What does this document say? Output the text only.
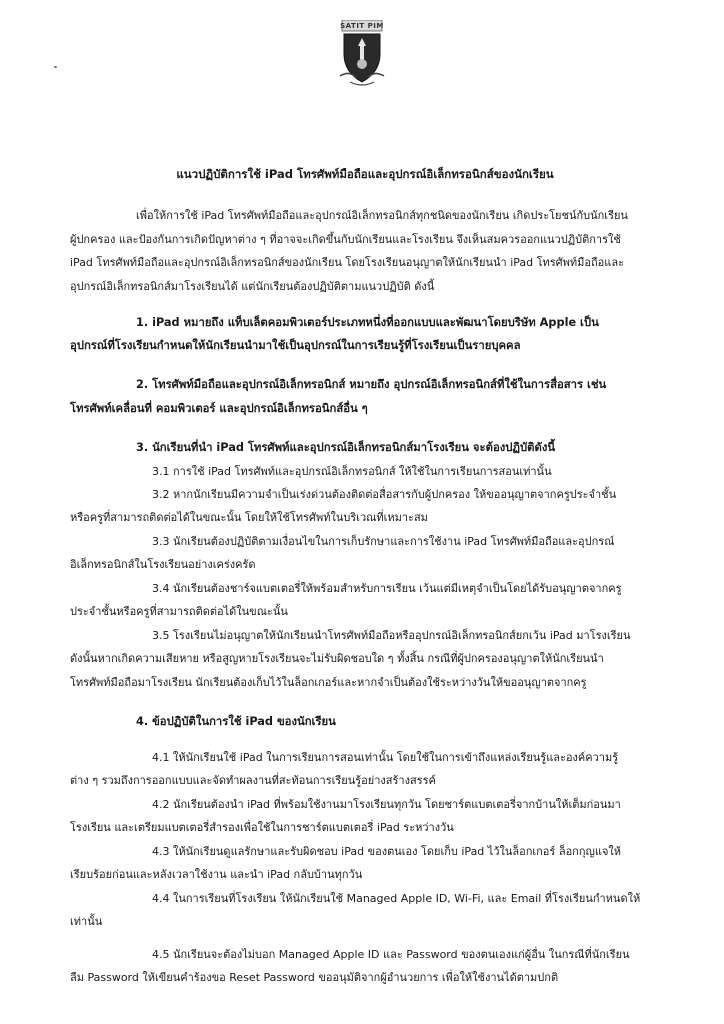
SATIT PIM
แนวปฏิบัติการใช้ iPad โทรศัพท์มือถือและอุปกรณ์อิเล็กทรอนิกส์ของนักเรียน
เพื่อให้การใช้ iPad โทรศัพท์มือถือและอุปกรณ์อิเล็กทรอนิกส์ทุกชนิดของนักเรียน เกิดประโยชน์กับนักเรียน
ผู้ปกครอง และป้องกันการเกิดปัญหาต่าง ๆ ที่อาจจะเกิดขึ้นกับนักเรียนและโรงเรียน จึงเห็นสมควรออกแนวปฏิบัติการใช้
iPad โทรศัพท์มือถือและอุปกรณ์อิเล็กทรอนิกส์ของนักเรียน โดยโรงเรียนอนุญาตให้นักเรียนนำ iPad โทรศัพท์มือถือและ
อุปกรณ์อิเล็กทรอนิกส์มาโรงเรียนได้ แต่นักเรียนต้องปฏิบัติตามแนวปฏิบัติ ดังนี้
1. iPad หมายถึง แท็บเล็ตคอมพิวเตอร์ประเภทหนึ่งที่ออกแบบและพัฒนาโดยบริษัท Apple เป็น
อุปกรณ์ที่โรงเรียนกำหนดให้นักเรียนนำมาใช้เป็นอุปกรณ์ในการเรียนรู้ที่โรงเรียนเป็นรายบุคคล
2. โทรศัพท์มือถือและอุปกรณ์อิเล็กทรอนิกส์ หมายถึง อุปกรณ์อิเล็กทรอนิกส์ที่ใช้ในการสื่อสาร เช่น
โทรศัพท์เคลื่อนที่ คอมพิวเตอร์ และอุปกรณ์อิเล็กทรอนิกส์อื่น ๆ
3. นักเรียนที่นำ iPad โทรศัพท์และอุปกรณ์อิเล็กทรอนิกส์มาโรงเรียน จะต้องปฏิบัติดังนี้
3.1 การใช้ iPad โทรศัพท์และอุปกรณ์อิเล็กทรอนิกส์ ให้ใช้ในการเรียนการสอนเท่านั้น
3.2 หากนักเรียนมีความจำเป็นเร่งด่วนต้องติดต่อสื่อสารกับผู้ปกครอง ให้ขออนุญาตจากครูประจำชั้น
หรือครูที่สามารถติดต่อได้ในขณะนั้น โดยให้ใช้โทรศัพท์ในบริเวณที่เหมาะสม
3.3 นักเรียนต้องปฏิบัติตามเงื่อนไขในการเก็บรักษาและการใช้งาน iPad โทรศัพท์มือถือและอุปกรณ์
อิเล็กทรอนิกส์ในโรงเรียนอย่างเคร่งครัด
3.4 นักเรียนต้องชาร์จแบตเตอรี่ให้พร้อมสำหรับการเรียน เว้นแต่มีเหตุจำเป็นโดยได้รับอนุญาตจากครู
ประจำชั้นหรือครูที่สามารถติดต่อได้ในขณะนั้น
3.5 โรงเรียนไม่อนุญาตให้นักเรียนนำโทรศัพท์มือถือหรืออุปกรณ์อิเล็กทรอนิกส์ยกเว้น iPad มาโรงเรียน
ดังนั้นหากเกิดความเสียหาย หรือสูญหายโรงเรียนจะไม่รับผิดชอบใด ๆ ทั้งสิ้น กรณีที่ผู้ปกครองอนุญาตให้นักเรียนนำ
โทรศัพท์มือถือมาโรงเรียน นักเรียนต้องเก็บไว้ในล็อกเกอร์และหากจำเป็นต้องใช้ระหว่างวันให้ขออนุญาตจากครู
4. ข้อปฏิบัติในการใช้ iPad ของนักเรียน
4.1 ให้นักเรียนใช้ iPad ในการเรียนการสอนเท่านั้น โดยใช้ในการเข้าถึงแหล่งเรียนรู้และองค์ความรู้
ต่าง ๆ รวมถึงการออกแบบและจัดทำผลงานที่สะท้อนการเรียนรู้อย่างสร้างสรรค์
4.2 นักเรียนต้องนำ iPad ที่พร้อมใช้งานมาโรงเรียนทุกวัน โดยชาร์ตแบตเตอรี่จากบ้านให้เต็มก่อนมา
โรงเรียน และเตรียมแบตเตอรี่สำรองเพื่อใช้ในการชาร์ตแบตเตอรี่ iPad ระหว่างวัน
4.3 ให้นักเรียนดูแลรักษาและรับผิดชอบ iPad ของตนเอง โดยเก็บ iPad ไว้ในล็อกเกอร์ ล็อกกุญแจให้
เรียบร้อยก่อนและหลังเวลาใช้งาน และนำ iPad กลับบ้านทุกวัน
4.4 ในการเรียนที่โรงเรียน ให้นักเรียนใช้ Managed Apple ID, Wi-Fi, และ Email ที่โรงเรียนกำหนดให้
เท่านั้น
4.5 นักเรียนจะต้องไม่บอก Managed Apple ID และ Password ของตนเองแก่ผู้อื่น ในกรณีที่นักเรียน
ลืม Password ให้เขียนคำร้องขอ Reset Password ขออนุมัติจากผู้อำนวยการ เพื่อให้ใช้งานได้ตามปกติ
